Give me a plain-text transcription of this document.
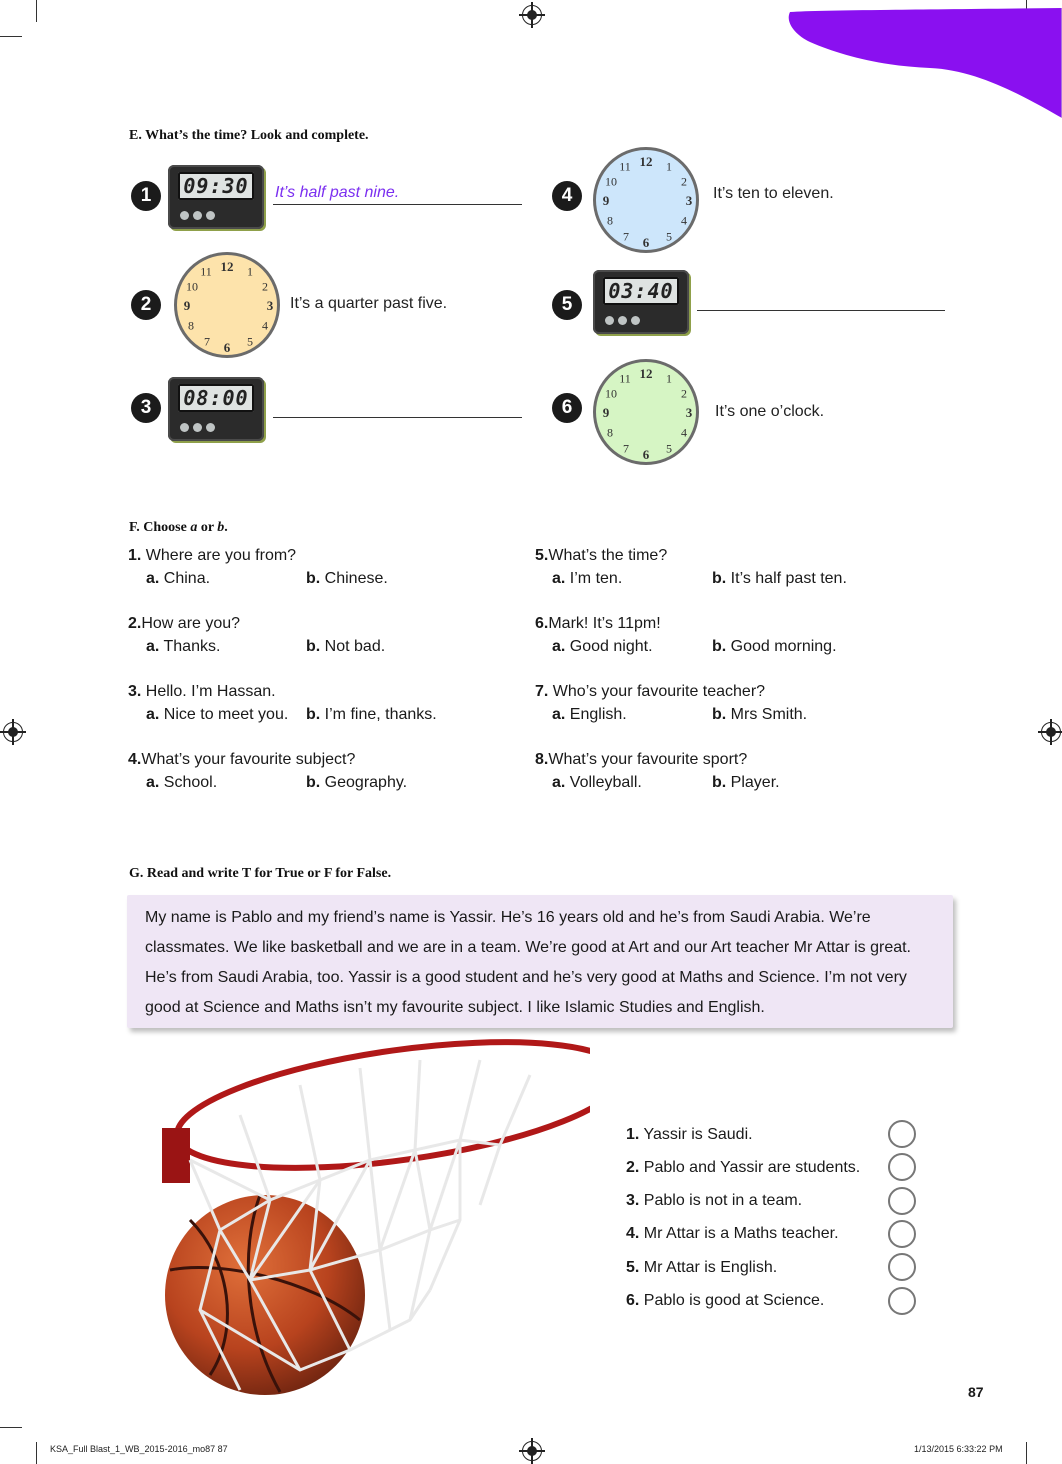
E. What’s the time? Look and complete.
1	09:30	It’s half past nine.
2
12 1
2
3
4
5
6
7
8
9
10
11
It’s a quarter past five.
3	08:00
4
12 1
2
3
4
5
6
7
8
9
10
11
It’s ten to eleven.
5
03:40
6
12 1
2
3
4
5
6
7
8
9
10
11
It’s one o’clock.
F. Choose a or b.
1. Where are you from?
a. China.	b. Chinese.
2.How are you?
a. Thanks.	b. Not bad.
3. Hello. I’m Hassan.
a. Nice to meet you. b. I’m fine, thanks.
4.What’s your favourite subject?
a. School.	b. Geography.
5.What’s the time?
a. I’m ten.	b. It’s half past ten.
6.Mark! It’s 11pm!
a. Good night.	b. Good morning.
7. Who’s your favourite teacher?
a. English.	b. Mrs Smith.
8.What’s your favourite sport?
a. Volleyball.	b. Player.
G. Read and write T for True or F for False.

My name is Pablo and my friend’s name is Yassir. He’s 16 years old and he’s from Saudi Arabia. We’re classmates. We like basketball and we are in a team. We’re good at Art and our Art teacher Mr Attar is great. He’s from Saudi Arabia, too. Yassir is a good student and he’s very good at Maths and Science. I’m not very good at Science and Maths isn’t my favourite subject. I like Islamic Studies and English.

1. Yassir is Saudi.
2. Pablo and Yassir are students.
3. Pablo is not in a team.
4. Mr Attar is a Maths teacher.
5. Mr Attar is English.
6. Pablo is good at Science.
87
KSA_Full Blast_1_WB_2015-2016_mo87 87	1/13/2015 6:33:22 PM
